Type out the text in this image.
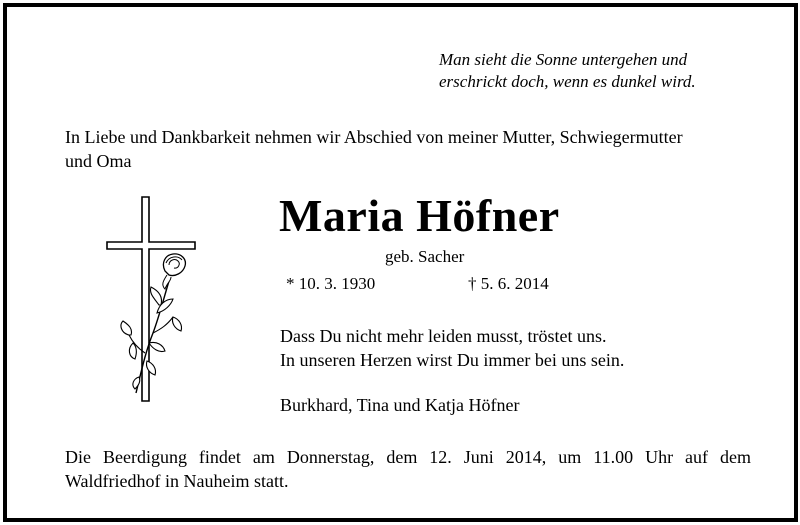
Man sieht die Sonne untergehen und
erschrickt doch, wenn es dunkel wird.
In Liebe und Dankbarkeit nehmen wir Abschied von meiner Mutter, Schwiegermutter
und Oma
Maria Höfner
geb. Sacher
* 10. 3. 1930	† 5. 6. 2014
Dass Du nicht mehr leiden musst, tröstet uns.
In unseren Herzen wirst Du immer bei uns sein.
Burkhard, Tina und Katja Höfner
Die Beerdigung findet am Donnerstag, dem 12. Juni 2014, um 11.00 Uhr auf dem
Waldfriedhof in Nauheim statt.
